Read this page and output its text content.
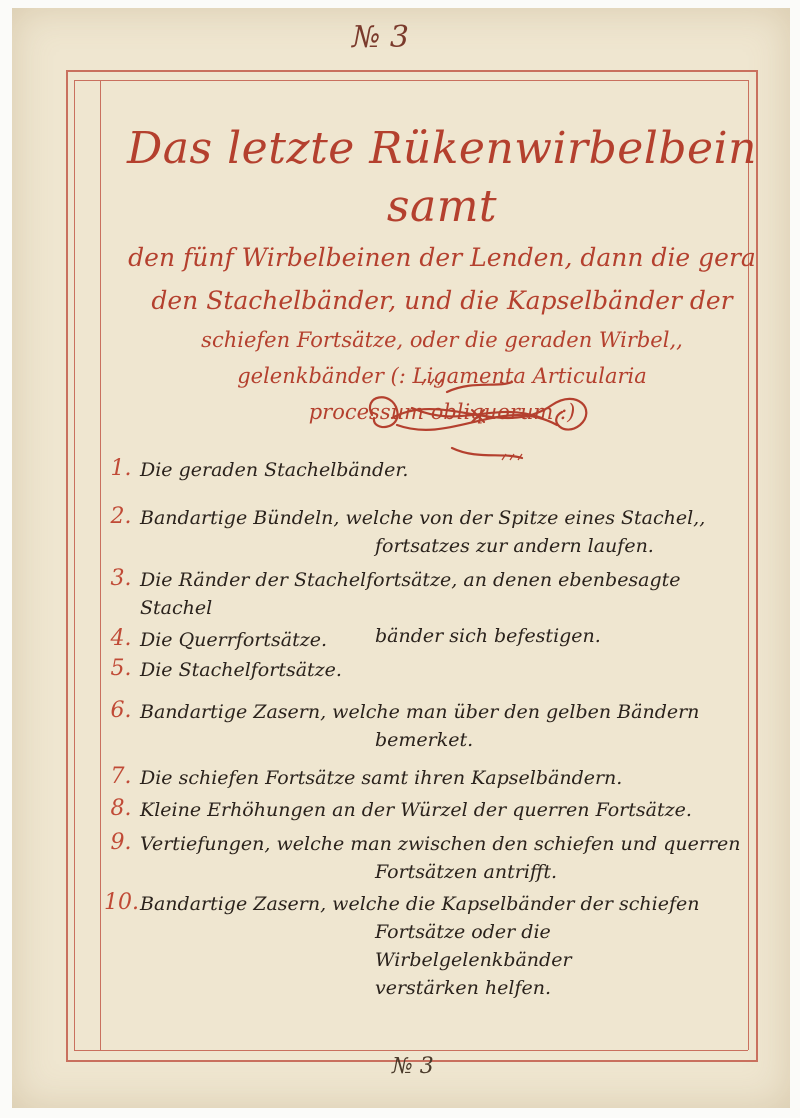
№ 3
Das letzte Rükenwirbelbein samt
den fünf Wirbelbeinen der Lenden, dann die gera
den Stachelbänder, und die Kapselbänder der
schiefen Fortsätze, oder die geraden Wirbel,,
gelenkbänder (: Ligamenta Articularia
processum obliquorum :)
1. Die geraden Stachelbänder.
2. Bandartige Bündeln, welche von der Spitze eines Stachel,,
fortsatzes zur andern laufen.
3. Die Ränder der Stachelfortsätze, an denen ebenbesagte Stachel
bänder sich befestigen.
4. Die Querrfortsätze.
5. Die Stachelfortsätze.
6. Bandartige Zasern, welche man über den gelben Bändern
bemerket.
7. Die schiefen Fortsätze samt ihren Kapselbändern.
8. Kleine Erhöhungen an der Würzel der querren Fortsätze.
9. Vertiefungen, welche man zwischen den schiefen und querren
Fortsätzen antrifft.
10. Bandartige Zasern, welche die Kapselbänder der schiefen
Fortsätze oder die Wirbelgelenkbänder
verstärken helfen.
№ 3
